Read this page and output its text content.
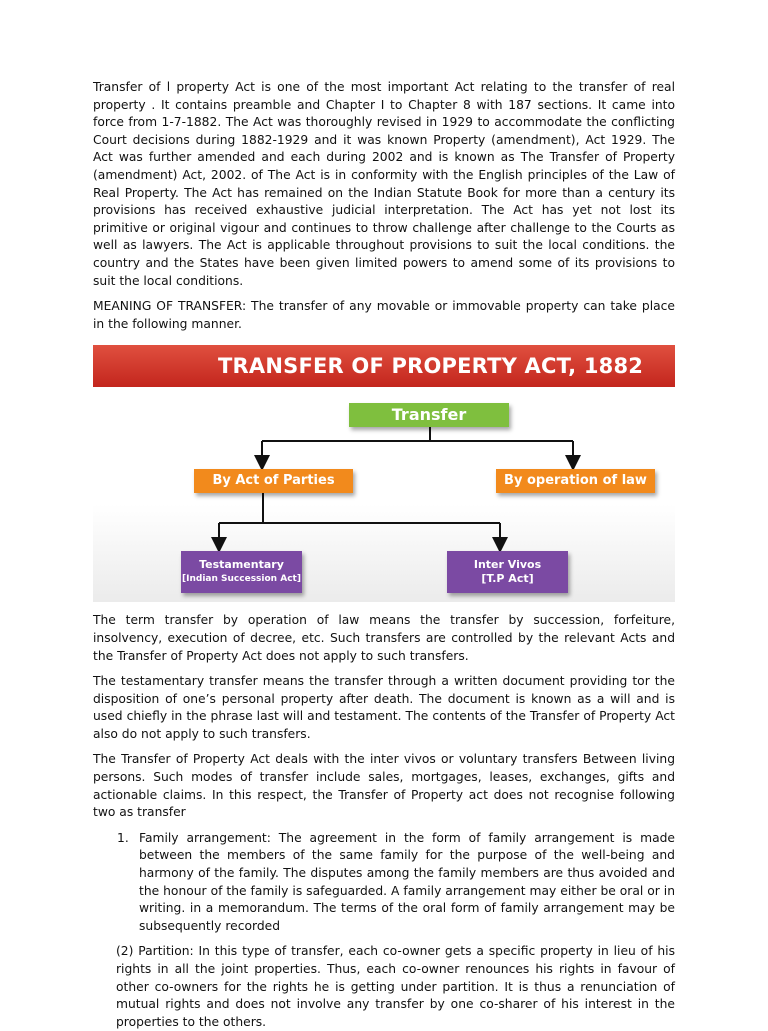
Transfer of l property Act is one of the most important Act relating to the transfer of real property . It contains preamble and Chapter I to Chapter 8 with 187 sections. It came into force from 1-7-1882. The Act was thoroughly revised in 1929 to accommodate the conflicting Court decisions during 1882-1929 and it was known Property (amendment), Act 1929. The Act was further amended and each during 2002 and is known as The Transfer of Property (amendment) Act, 2002. of The Act is in conformity with the English principles of the Law of Real Property. The Act has remained on the Indian Statute Book for more than a century its provisions has received exhaustive judicial interpretation. The Act has yet not lost its primitive or original vigour and continues to throw challenge after challenge to the Courts as well as lawyers. The Act is applicable throughout provisions to suit the local conditions. the country and the States have been given limited powers to amend some of its provisions to suit the local conditions.

MEANING OF TRANSFER: The transfer of any movable or immovable property can take place in the following manner.

TRANSFER OF PROPERTY ACT, 1882
Transfer
By Act of Parties	By operation of law
Testamentary
[Indian Succession Act]
Inter Vivos
[T.P Act]

The term transfer by operation of law means the transfer by succession, forfeiture, insolvency, execution of decree, etc. Such transfers are controlled by the relevant Acts and the Transfer of Property Act does not apply to such transfers.

The testamentary transfer means the transfer through a written document providing tor the disposition of one’s personal property after death. The document is known as a will and is used chiefly in the phrase last will and testament. The contents of the Transfer of Property Act also do not apply to such transfers.

The Transfer of Property Act deals with the inter vivos or voluntary transfers Between living persons. Such modes of transfer include sales, mortgages, leases, exchanges, gifts and actionable claims. In this respect, the Transfer of Property act does not recognise following two as transfer

1. Family arrangement: The agreement in the form of family arrangement is made between the members of the same family for the purpose of the well-being and harmony of the family. The disputes among the family members are thus avoided and the honour of the family is safeguarded. A family arrangement may either be oral or in writing. in a memorandum. The terms of the oral form of family arrangement may be subsequently recorded

(2) Partition: In this type of transfer, each co-owner gets a specific property in lieu of his rights in all the joint properties. Thus, each co-owner renounces his rights in favour of other co-owners for the rights he is getting under partition. It is thus a renunciation of mutual rights and does not involve any transfer by one co-sharer of his interest in the properties to the others.
